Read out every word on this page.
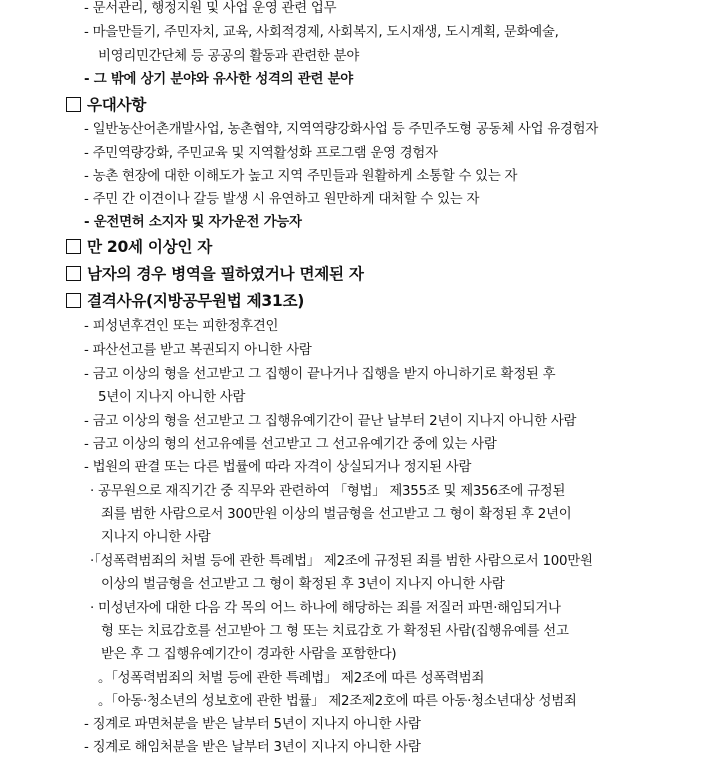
- 문서관리, 행정지원 및 사업 운영 관련 업무
- 마을만들기, 주민자치, 교육, 사회적경제, 사회복지, 도시재생, 도시계획, 문화예술,
비영리민간단체 등 공공의 활동과 관련한 분야
- 그 밖에 상기 분야와 유사한 성격의 관련 분야
우대사항
- 일반농산어촌개발사업, 농촌협약, 지역역량강화사업 등 주민주도형 공동체 사업 유경험자
- 주민역량강화, 주민교육 및 지역활성화 프로그램 운영 경험자
- 농촌 현장에 대한 이해도가 높고 지역 주민들과 원활하게 소통할 수 있는 자
- 주민 간 이견이나 갈등 발생 시 유연하고 원만하게 대처할 수 있는 자
- 운전면허 소지자 및 자가운전 가능자
만 20세 이상인 자
남자의 경우 병역을 필하였거나 면제된 자
결격사유(지방공무원법 제31조)
- 피성년후견인 또는 피한정후견인
- 파산선고를 받고 복권되지 아니한 사람
- 금고 이상의 형을 선고받고 그 집행이 끝나거나 집행을 받지 아니하기로 확정된 후
5년이 지나지 아니한 사람
- 금고 이상의 형을 선고받고 그 집행유예기간이 끝난 날부터 2년이 지나지 아니한 사람
- 금고 이상의 형의 선고유예를 선고받고 그 선고유예기간 중에 있는 사람
- 법원의 판결 또는 다른 법률에 따라 자격이 상실되거나 정지된 사람
· 공무원으로 재직기간 중 직무와 관련하여 「형법」 제355조 및 제356조에 규정된
죄를 범한 사람으로서 300만원 이상의 벌금형을 선고받고 그 형이 확정된 후 2년이
지나지 아니한 사람
·「성폭력범죄의 처벌 등에 관한 특례법」 제2조에 규정된 죄를 범한 사람으로서 100만원
이상의 벌금형을 선고받고 그 형이 확정된 후 3년이 지나지 아니한 사람
· 미성년자에 대한 다음 각 목의 어느 하나에 해당하는 죄를 저질러 파면·해임되거나
형 또는 치료감호를 선고받아 그 형 또는 치료감호 가 확정된 사람(집행유예를 선고
받은 후 그 집행유예기간이 경과한 사람을 포함한다)
。「성폭력범죄의 처벌 등에 관한 특례법」 제2조에 따른 성폭력범죄
。「아동·청소년의 성보호에 관한 법률」 제2조제2호에 따른 아동·청소년대상 성범죄
- 징계로 파면처분을 받은 날부터 5년이 지나지 아니한 사람
- 징계로 해임처분을 받은 날부터 3년이 지나지 아니한 사람
